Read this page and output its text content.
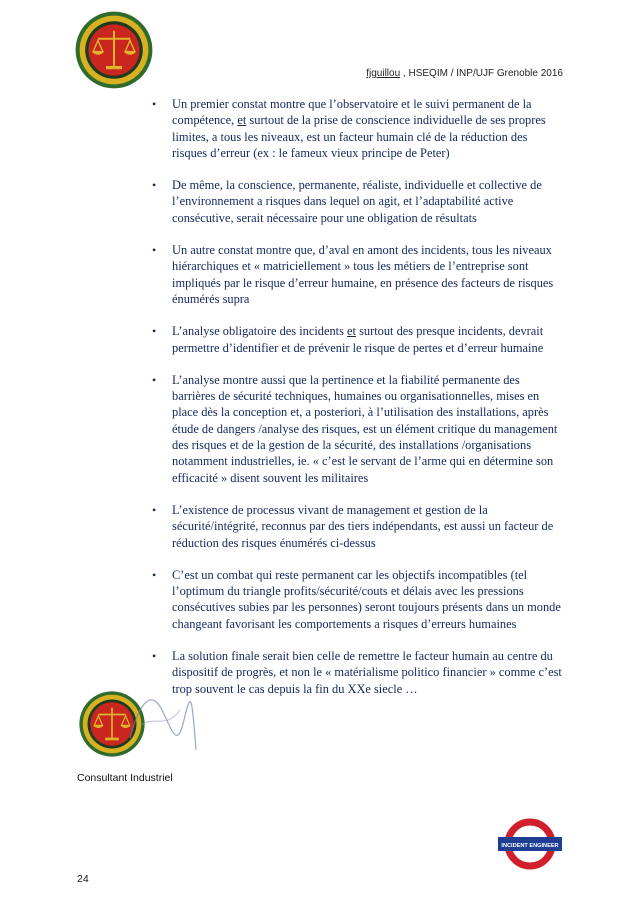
fjguillou , HSEQIM / INP/UJF Grenoble 2016
• Un premier constat montre que l’observatoire et le suivi permanent de la compétence, et surtout de la prise de conscience individuelle de ses propres limites, a tous les niveaux, est un facteur humain clé de la réduction des risques d’erreur (ex : le fameux vieux principe de Peter)
• De même, la conscience, permanente, réaliste, individuelle et collective de l’environnement a risques dans lequel on agit, et l’adaptabilité active consécutive, serait nécessaire pour une obligation de résultats
• Un autre constat montre que, d’aval en amont des incidents, tous les niveaux hiérarchiques et « matriciellement » tous les métiers de l’entreprise sont impliqués par le risque d’erreur humaine, en présence des facteurs de risques énumérés supra
• L’analyse obligatoire des incidents et surtout des presque incidents, devrait permettre d’identifier et de prévenir le risque de pertes et d’erreur humaine
• L’analyse montre aussi que la pertinence et la fiabilité permanente des barrières de sécurité techniques, humaines ou organisationnelles, mises en place dès la conception et, a posteriori, à l’utilisation des installations, après étude de dangers /analyse des risques, est un élément critique du management des risques et de la gestion de la sécurité, des installations /organisations notamment industrielles, ie. « c’est le servant de l’arme qui en détermine son efficacité » disent souvent les militaires
• L’existence de processus vivant de management et gestion de la sécurité/intégrité, reconnus par des tiers indépendants, est aussi un facteur de réduction des risques énumérés ci-dessus
• C’est un combat qui reste permanent car les objectifs incompatibles (tel l’optimum du triangle profits/sécurité/couts et délais avec les pressions consécutives subies par les personnes) seront toujours présents dans un monde changeant favorisant les comportements a risques d’erreurs humaines
• La solution finale serait bien celle de remettre le facteur humain au centre du dispositif de progrès, et non le « matérialisme politico financier » comme c’est trop souvent le cas depuis la fin du XXe siecle …
Consultant Industriel
24
INCIDENT ENGINEER
